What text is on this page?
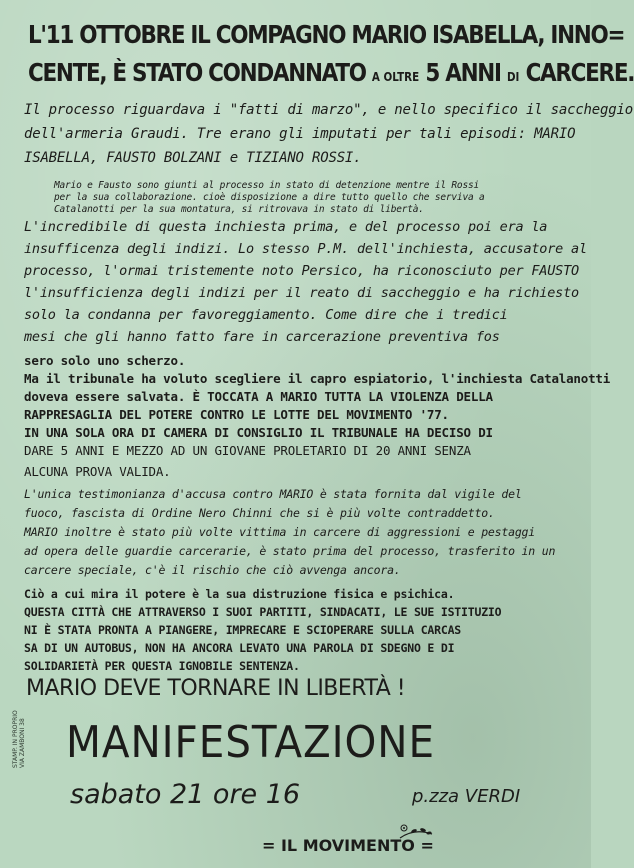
L'11 OTTOBRE IL COMPAGNO MARIO ISABELLA, INNO=
CENTE, È STATO CONDANNATO A OLTRE 5 ANNI DI CARCERE.
Il processo riguardava i "fatti di marzo", e nello specifico il saccheggio
dell'armeria Graudi. Tre erano gli imputati per tali episodi: MARIO
ISABELLA, FAUSTO BOLZANI e TIZIANO ROSSI.
Mario e Fausto sono giunti al processo in stato di detenzione mentre il Rossi
per la sua collaborazione. cioè disposizione a dire tutto quello che serviva a
Catalanotti per la sua montatura, si ritrovava in stato di libertà.
L'incredibile di questa inchiesta prima, e del processo poi era la
insufficenza degli indizi. Lo stesso P.M. dell'inchiesta, accusatore al
processo, l'ormai tristemente noto Persico, ha riconosciuto per FAUSTO
l'insufficienza degli indizi per il reato di saccheggio e ha richiesto
solo la condanna per favoreggiamento. Come dire che i tredici
mesi che gli hanno fatto fare in carcerazione preventiva fos
sero solo uno scherzo.
Ma il tribunale ha voluto scegliere il capro espiatorio, l'inchiesta Catalanotti
doveva essere salvata. È TOCCATA A MARIO TUTTA LA VIOLENZA DELLA
RAPPRESAGLIA DEL POTERE CONTRO LE LOTTE DEL MOVIMENTO '77.
IN UNA SOLA ORA DI CAMERA DI CONSIGLIO IL TRIBUNALE HA DECISO DI
DARE 5 ANNI E MEZZO AD UN GIOVANE PROLETARIO DI 20 ANNI SENZA
ALCUNA PROVA VALIDA.
L'unica testimonianza d'accusa contro MARIO è stata fornita dal vigile del
fuoco, fascista di Ordine Nero Chinni che si è più volte contraddetto.
MARIO inoltre è stato più volte vittima in carcere di aggressioni e pestaggi
ad opera delle guardie carcerarie, è stato prima del processo, trasferito in un
carcere speciale, c'è il rischio che ciò avvenga ancora.
Ciò a cui mira il potere è la sua distruzione fisica e psichica.
QUESTA CITTÀ CHE ATTRAVERSO I SUOI PARTITI, SINDACATI, LE SUE ISTITUZIO
NI È STATA PRONTA A PIANGERE, IMPRECARE E SCIOPERARE SULLA CARCAS
SA DI UN AUTOBUS, NON HA ANCORA LEVATO UNA PAROLA DI SDEGNO E DI
SOLIDARIETÀ PER QUESTA IGNOBILE SENTENZA.
MARIO DEVE TORNARE IN LIBERTÀ !
MANIFESTAZIONE
sabato 21 ore 16	p.zza VERDI
STAMP. IN PROPRIO VIA ZAMBONI 38
= IL MOVIMENTO =
